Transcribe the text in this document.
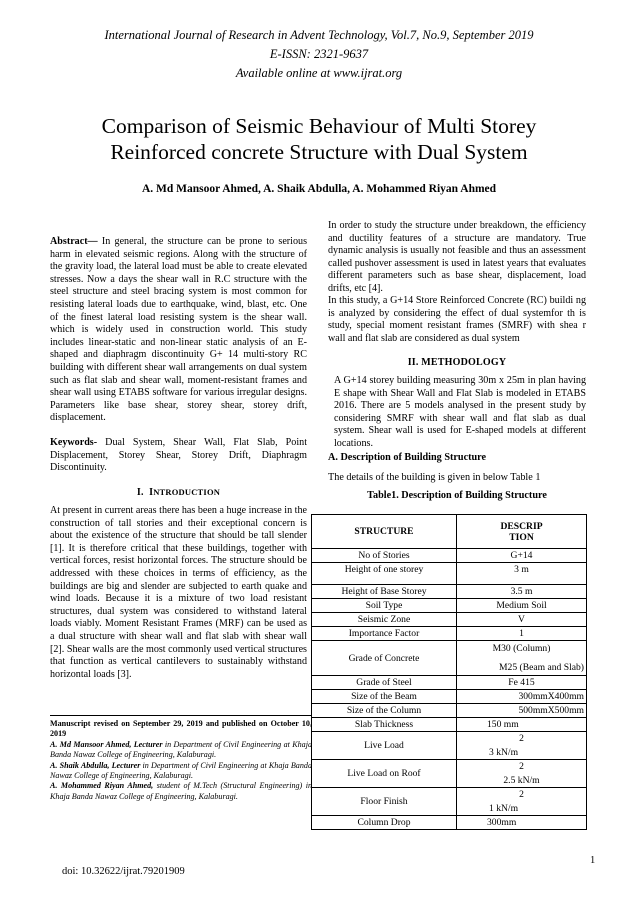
International Journal of Research in Advent Technology, Vol.7, No.9, September 2019
E-ISSN: 2321-9637
Available online at www.ijrat.org
Comparison of Seismic Behaviour of Multi Storey
Reinforced concrete Structure with Dual System
A. Md Mansoor Ahmed, A. Shaik Abdulla, A. Mohammed Riyan Ahmed
Abstract— In general, the structure can be prone to serious harm in elevated seismic regions. Along with the structure of the gravity load, the lateral load must be able to create elevated stresses. Now a days the shear wall in R.C structure with the steel structure and steel bracing system is most common for resisting lateral loads due to earthquake, wind, blast, etc. One of the finest lateral load resisting system is the shear wall. which is widely used in construction world. This study includes linear-static and non-linear static analysis of an E-shaped and diaphragm discontinuity G+ 14 multi-story RC building with different shear wall arrangements on dual system such as flat slab and shear wall, moment-resistant frames and shear wall using ETABS software for various irregular designs. Parameters like base shear, storey shear, storey drift, displacement.
Keywords- Dual System, Shear Wall, Flat Slab, Point Displacement, Storey Shear, Storey Drift, Diaphragm Discontinuity.
I. INTRODUCTION
At present in current areas there has been a huge increase in the construction of tall stories and their exceptional concern is about the existence of the structure that should be tall slender [1]. It is therefore critical that these buildings, together with vertical forces, resist horizontal forces. The structure should be addressed with these choices in terms of efficiency, as the buildings are big and slender are subjected to earth quake and wind loads. Because it is a mixture of two load resistant structures, dual system was considered to withstand lateral loads viably. Moment Resistant Frames (MRF) can be used as a dual structure with shear wall and flat slab with shear wall [2]. Shear walls are the most commonly used vertical structures that function as vertical cantilevers to sustainably withstand horizontal loads [3].
Manuscript revised on September 29, 2019 and published on October 10, 2019
A. Md Mansoor Ahmed, Lecturer in Department of Civil Engineering at Khaja Banda Nawaz College of Engineering, Kalaburagi.
A. Shaik Abdulla, Lecturer in Department of Civil Engineering at Khaja Banda Nawaz College of Engineering, Kalaburagi.
A. Mohammed Riyan Ahmed, student of M.Tech (Structural Engineering) in Khaja Banda Nawaz College of Engineering, Kalaburagi.
In order to study the structure under breakdown, the efficiency and ductility features of a structure are mandatory. True dynamic analysis is usually not feasible and thus an assessment called pushover assessment is used in latest years that evaluates different parameters such as base shear, displacement, load drifts, etc [4].
In this study, a G+14 Store Reinforced Concrete (RC) buildi ng is analyzed by considering the effect of dual systemfor th is study, special moment resistant frames (SMRF) with shea r wall and flat slab are considered as dual system
II. METHODOLOGY
A G+14 storey building measuring 30m x 25m in plan having E shape with Shear Wall and Flat Slab is modeled in ETABS 2016. There are 5 models analysed in the present study by considering SMRF with shear wall and flat slab as dual system. Shear wall is used for E-shaped models at different locations.
A. Description of Building Structure
The details of the building is given in below Table 1
Table1. Description of Building Structure
STRUCTURE	DESCRIP
TION

No of Stories	G+14
Height of one storey	3 m
Height of Base Storey	3.5 m
Soil Type	Medium Soil
Seismic Zone	V
Importance Factor	1
Grade of Concrete	M30 (Column)
M25 (Beam and Slab)

Grade of Steel	Fe 415
Size of the Beam	300mmX400mm
Size of the Column	500mmX500mm
Slab Thickness	150 mm
Live Load	2
3 kN/m

Live Load on Roof	2
2.5 kN/m

Floor Finish	2
1 kN/m

Column Drop	300mm
1
doi: 10.32622/ijrat.79201909
